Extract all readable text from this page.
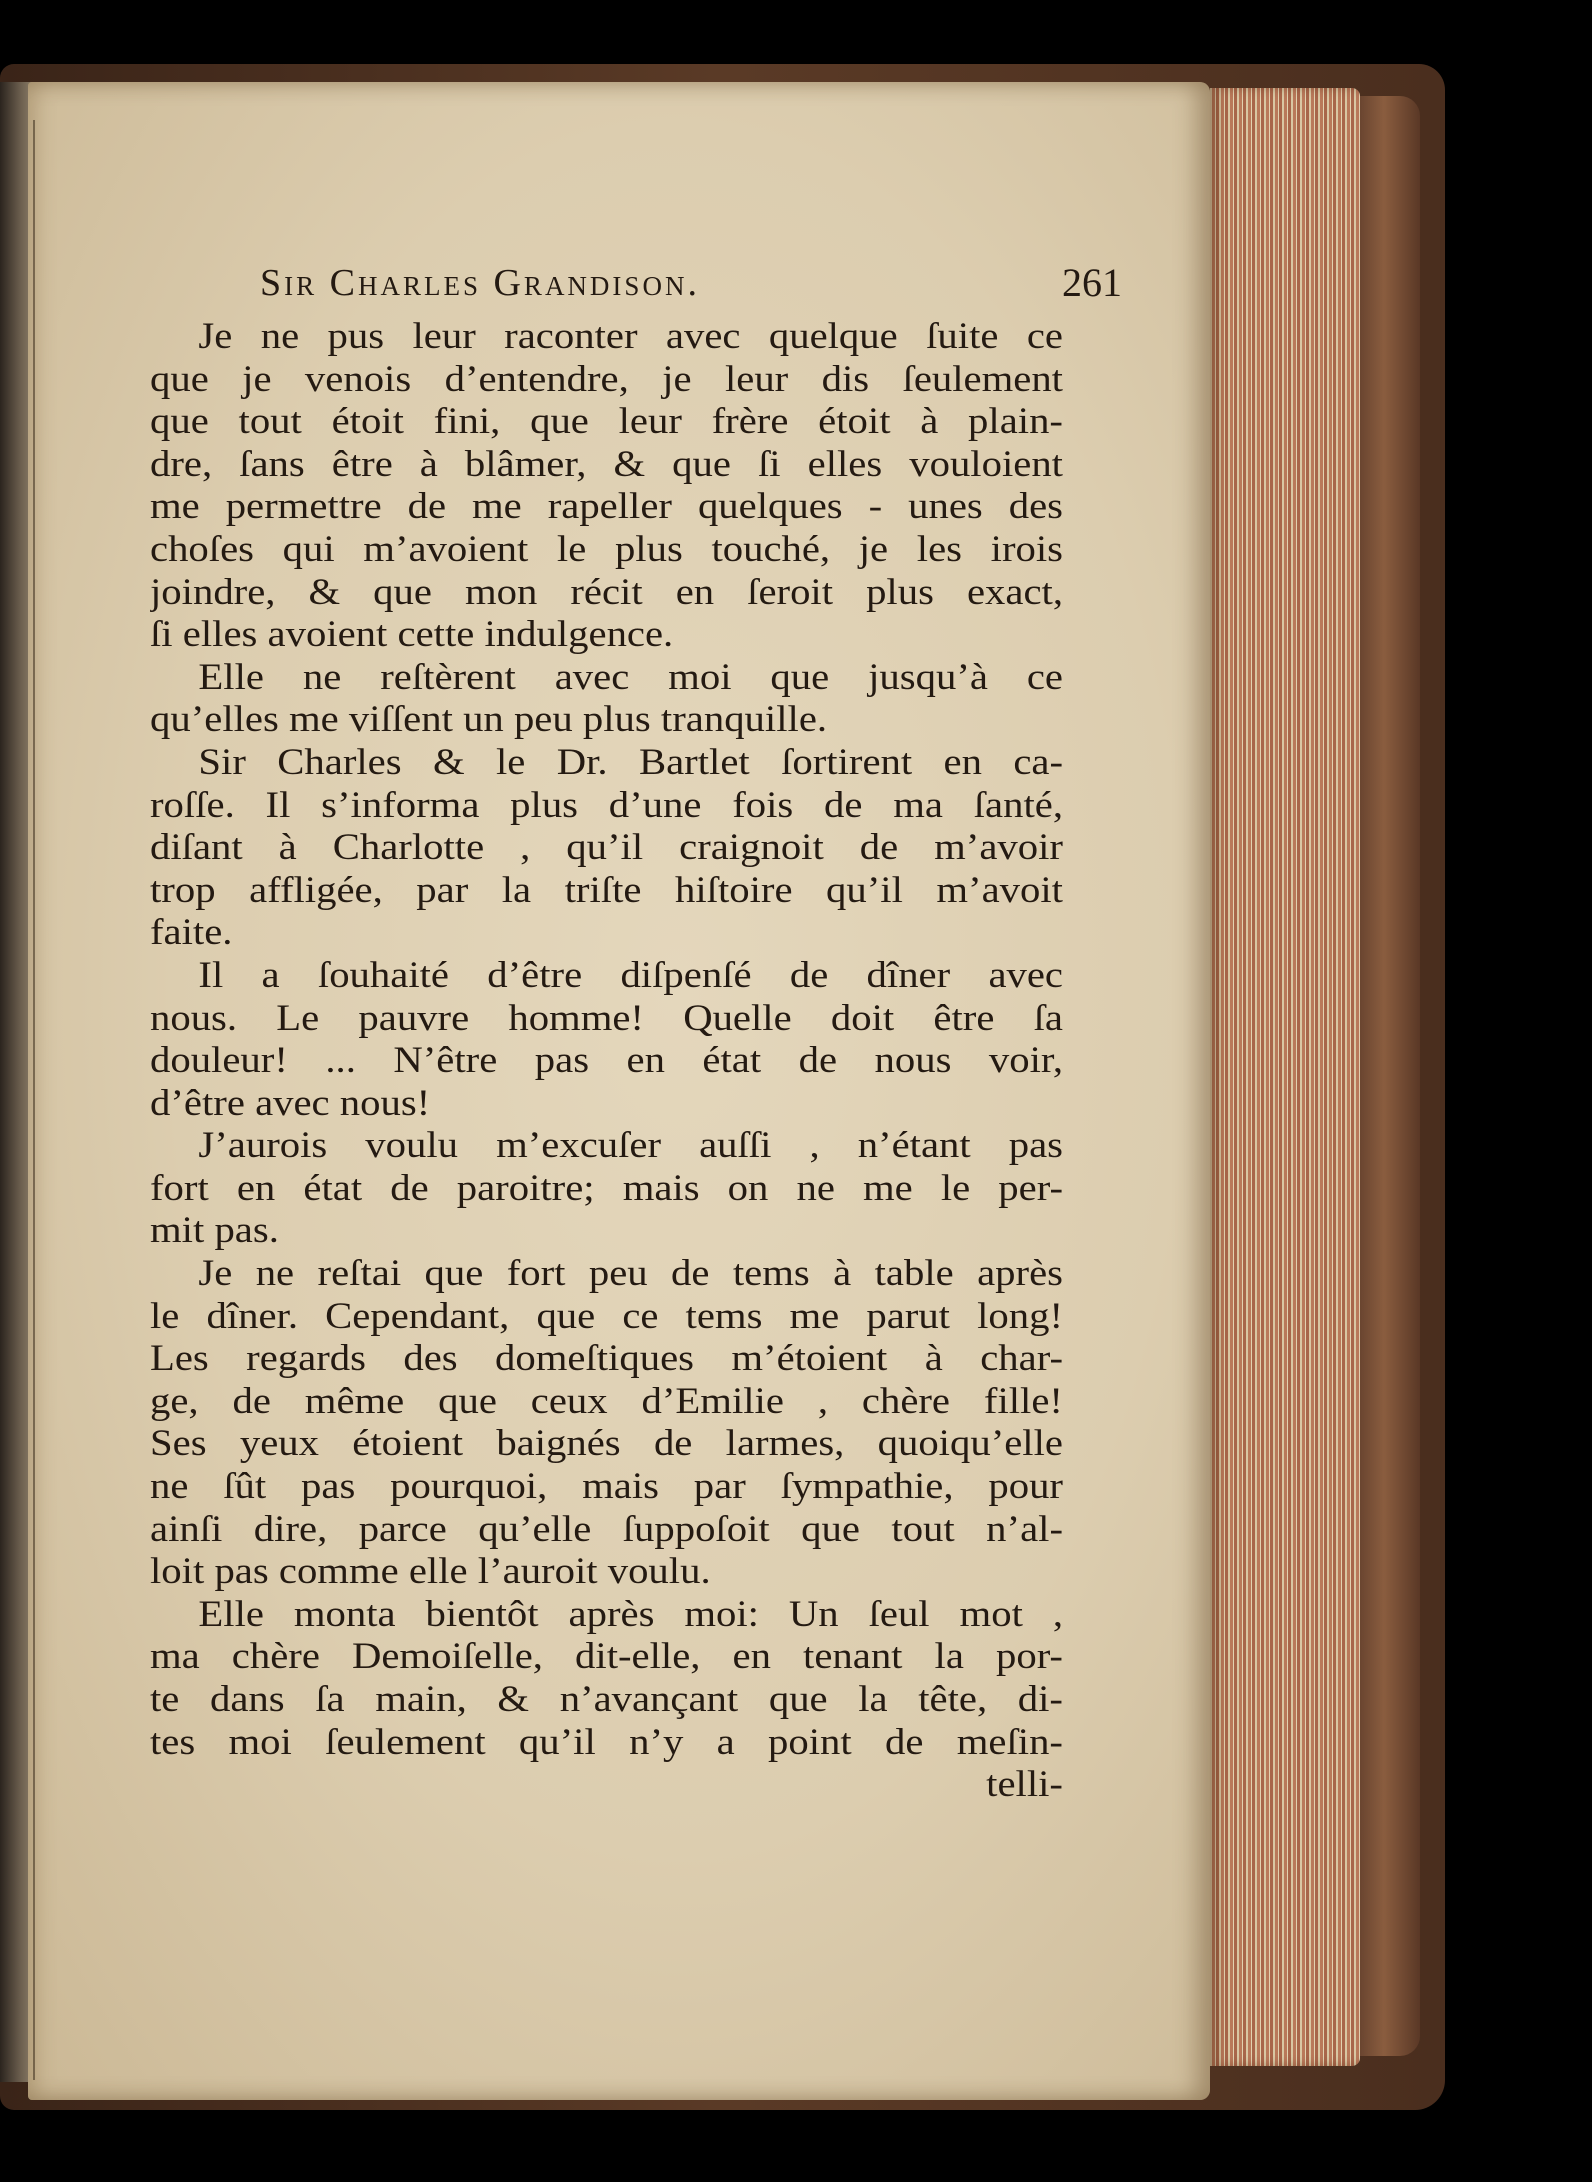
Sir Charles Grandison.	261
Je ne pus leur raconter avec quelque ſuite ce
que je venois d’entendre, je leur dis ſeulement
que tout étoit fini, que leur frère étoit à plain-
dre, ſans être à blâmer, & que ſi elles vouloient
me permettre de me rapeller quelques - unes des
choſes qui m’avoient le plus touché, je les irois
joindre, & que mon récit en ſeroit plus exact,
ſi elles avoient cette indulgence.
Elle ne reſtèrent avec moi que jusqu’à ce
qu’elles me viſſent un peu plus tranquille.
Sir Charles & le Dr. Bartlet ſortirent en ca-
roſſe. Il s’informa plus d’une fois de ma ſanté,
diſant à Charlotte , qu’il craignoit de m’avoir
trop affligée, par la triſte hiſtoire qu’il m’avoit
faite.
Il a ſouhaité d’être diſpenſé de dîner avec
nous. Le pauvre homme! Quelle doit être ſa
douleur! ... N’être pas en état de nous voir,
d’être avec nous!
J’aurois voulu m’excuſer auſſi , n’étant pas
fort en état de paroitre; mais on ne me le per-
mit pas.
Je ne reſtai que fort peu de tems à table après
le dîner. Cependant, que ce tems me parut long!
Les regards des domeſtiques m’étoient à char-
ge, de même que ceux d’Emilie , chère fille!
Ses yeux étoient baignés de larmes, quoiqu’elle
ne ſût pas pourquoi, mais par ſympathie, pour
ainſi dire, parce qu’elle ſuppoſoit que tout n’al-
loit pas comme elle l’auroit voulu.
Elle monta bientôt après moi: Un ſeul mot ,
ma chère Demoiſelle, dit-elle, en tenant la por-
te dans ſa main, & n’avançant que la tête, di-
tes moi ſeulement qu’il n’y a point de meſin-
telli-
